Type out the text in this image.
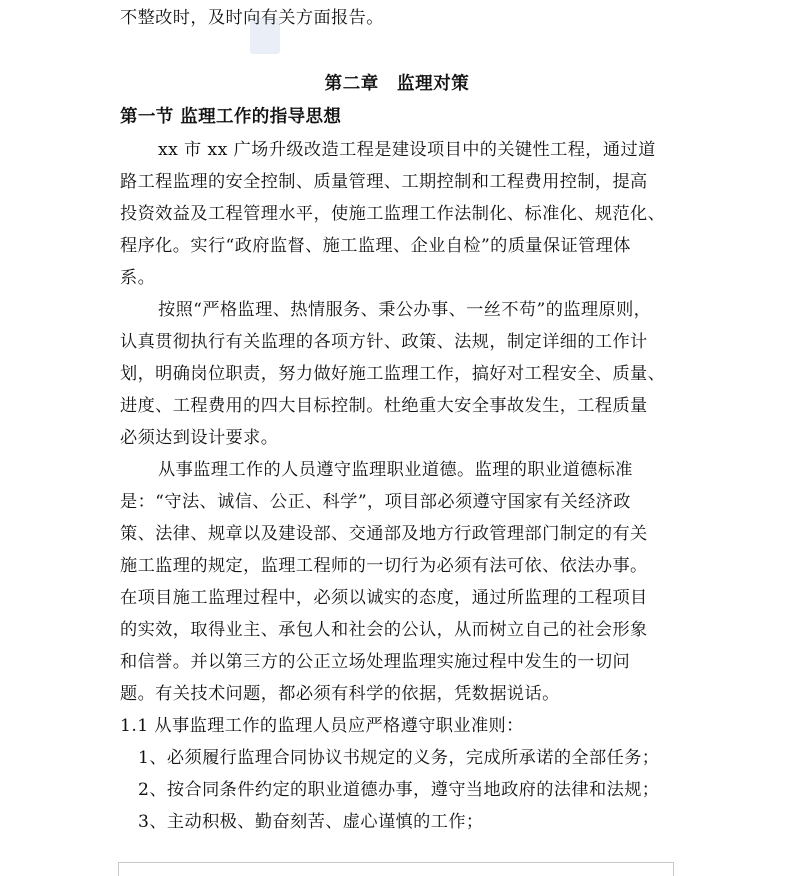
不整改时，及时向有关方面报告。
第二章　监理对策
第一节 监理工作的指导思想
xx 市 xx 广场升级改造工程是建设项目中的关键性工程，通过道
路工程监理的安全控制、质量管理、工期控制和工程费用控制，提高
投资效益及工程管理水平，使施工监理工作法制化、标准化、规范化、
程序化。实行“政府监督、施工监理、企业自检”的质量保证管理体
系。
按照“严格监理、热情服务、秉公办事、一丝不苟”的监理原则，
认真贯彻执行有关监理的各项方针、政策、法规，制定详细的工作计
划，明确岗位职责，努力做好施工监理工作，搞好对工程安全、质量、
进度、工程费用的四大目标控制。杜绝重大安全事故发生，工程质量
必须达到设计要求。
从事监理工作的人员遵守监理职业道德。监理的职业道德标准
是：“守法、诚信、公正、科学”，项目部必须遵守国家有关经济政
策、法律、规章以及建设部、交通部及地方行政管理部门制定的有关
施工监理的规定，监理工程师的一切行为必须有法可依、依法办事。
在项目施工监理过程中，必须以诚实的态度，通过所监理的工程项目
的实效，取得业主、承包人和社会的公认，从而树立自己的社会形象
和信誉。并以第三方的公正立场处理监理实施过程中发生的一切问
题。有关技术问题，都必须有科学的依据，凭数据说话。
1.1 从事监理工作的监理人员应严格遵守职业准则：
1、必须履行监理合同协议书规定的义务，完成所承诺的全部任务；
2、按合同条件约定的职业道德办事，遵守当地政府的法律和法规；
3、主动积极、勤奋刻苦、虚心谨慎的工作；
